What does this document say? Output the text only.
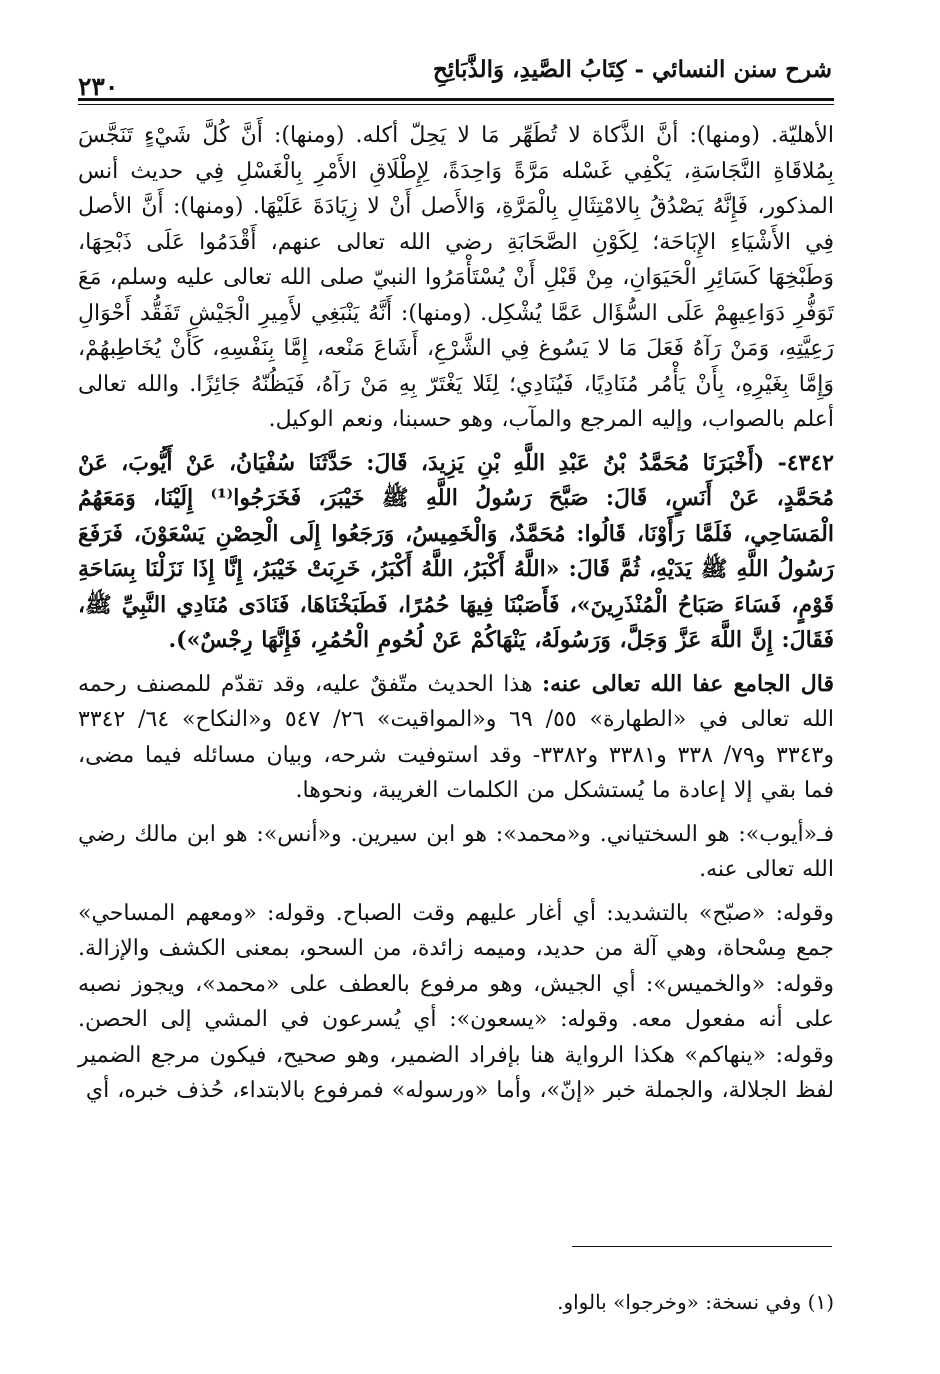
شرح سنن النسائي - كِتَابُ الصَّيدِ، وَالذَّبَائِحِ
٢٣٠

الأهليّة. (ومنها): أنَّ الذَّكاة لا تُطَهِّر مَا لا يَحِلّ أكله. (ومنها): أَنَّ كُلَّ شَيْءٍ تَنَجَّسَ بِمُلاقَاةِ النَّجَاسَةِ، يَكْفِي غَسْله مَرَّةً وَاحِدَةً، لِإِطْلَاقِ الأَمْرِ بِالْغَسْلِ فِي حديث أنس المذكور، فَإِنَّهُ يَصْدُقُ بِالامْتِثَالِ بِالْمَرَّةِ، وَالأَصل أَنْ لا زِيَادَةَ عَلَيْهَا. (ومنها): أَنَّ الأصل فِي الأَشْيَاءِ الإِبَاحَة؛ لِكَوْنِ الصَّحَابَةِ رضي الله تعالى عنهم، أَقْدَمُوا عَلَى ذَبْحِهَا، وَطَبْخِهَا كَسَائِرِ الْحَيَوَانِ، مِنْ قَبْلِ أَنْ يُسْتَأْمَرُوا النبيّ صلى الله تعالى عليه وسلم، مَعَ تَوَفُّرِ دَوَاعِيهِمْ عَلَى السُّؤَال عَمَّا يُشْكِل. (ومنها): أَنَّهُ يَنْبَغِي لأَمِيرِ الْجَيْشِ تَفَقُّد أَحْوَالِ رَعِيَّتِهِ، وَمَنْ رَآهُ فَعَلَ مَا لا يَسُوغ فِي الشَّرْعِ، أَشَاعَ مَنْعه، إِمَّا بِنَفْسِهِ، كَأَنْ يُخَاطِبهُمْ، وَإِمَّا بِغَيْرِهِ، بِأَنْ يَأْمُر مُنَادِيًا، فَيُنَادِي؛ لِئَلا يَغْتَرّ بِهِ مَنْ رَآهُ، فَيَظُنّهُ جَائِزًا. والله تعالى أعلم بالصواب، وإليه المرجع والمآب، وهو حسبنا، ونعم الوكيل.

٤٣٤٢- (أَخْبَرَنَا مُحَمَّدُ بْنُ عَبْدِ اللَّهِ بْنِ يَزِيدَ، قَالَ: حَدَّثَنَا سُفْيَانُ، عَنْ أَيُّوبَ، عَنْ مُحَمَّدٍ، عَنْ أَنَسٍ، قَالَ: صَبَّحَ رَسُولُ اللَّهِ ﷺ خَيْبَرَ، فَخَرَجُوا⁽¹⁾ إِلَيْنَا، وَمَعَهُمُ الْمَسَاحِي، فَلَمَّا رَأَوْنَا، قَالُوا: مُحَمَّدٌ، وَالْخَمِيسُ، وَرَجَعُوا إِلَى الْحِصْنِ يَسْعَوْنَ، فَرَفَعَ رَسُولُ اللَّهِ ﷺ يَدَيْهِ، ثُمَّ قَالَ: «اللَّهُ أَكْبَرُ، اللَّهُ أَكْبَرُ، خَرِبَتْ خَيْبَرُ، إِنَّا إِذَا نَزَلْنَا بِسَاحَةِ قَوْمٍ، فَسَاءَ صَبَاحُ الْمُنْذَرِينَ»، فَأَصَبْنَا فِيهَا حُمُرًا، فَطَبَخْنَاهَا، فَنَادَى مُنَادِي النَّبِيِّ ﷺ، فَقَالَ: إِنَّ اللَّهَ عَزَّ وَجَلَّ، وَرَسُولَهُ، يَنْهَاكُمْ عَنْ لُحُومِ الْحُمُرِ، فَإِنَّهَا رِجْسٌ»).

قال الجامع عفا الله تعالى عنه: هذا الحديث متّفقٌ عليه، وقد تقدّم للمصنف رحمه الله تعالى في «الطهارة» ٥٥/ ٦٩ و«المواقيت» ٢٦/ ٥٤٧ و«النكاح» ٦٤/ ٣٣٤٢ و٣٣٤٣ و٧٩/ ٣٣٨ و٣٣٨١ و٣٣٨٢- وقد استوفيت شرحه، وبيان مسائله فيما مضى، فما بقي إلا إعادة ما يُستشكل من الكلمات الغريبة، ونحوها.

فـ«أيوب»: هو السختياني. و«محمد»: هو ابن سيرين. و«أنس»: هو ابن مالك رضي الله تعالى عنه.

وقوله: «صبّح» بالتشديد: أي أغار عليهم وقت الصباح. وقوله: «ومعهم المساحي» جمع مِسْحاة، وهي آلة من حديد، وميمه زائدة، من السحو، بمعنى الكشف والإزالة. وقوله: «والخميس»: أي الجيش، وهو مرفوع بالعطف على «محمد»، ويجوز نصبه على أنه مفعول معه. وقوله: «يسعون»: أي يُسرعون في المشي إلى الحصن. وقوله: «ينهاكم» هكذا الرواية هنا بإفراد الضمير، وهو صحيح، فيكون مرجع الضمير لفظ الجلالة، والجملة خبر «إنّ»، وأما «ورسوله» فمرفوع بالابتداء، حُذف خبره، أي

(١) وفي نسخة: «وخرجوا» بالواو.
